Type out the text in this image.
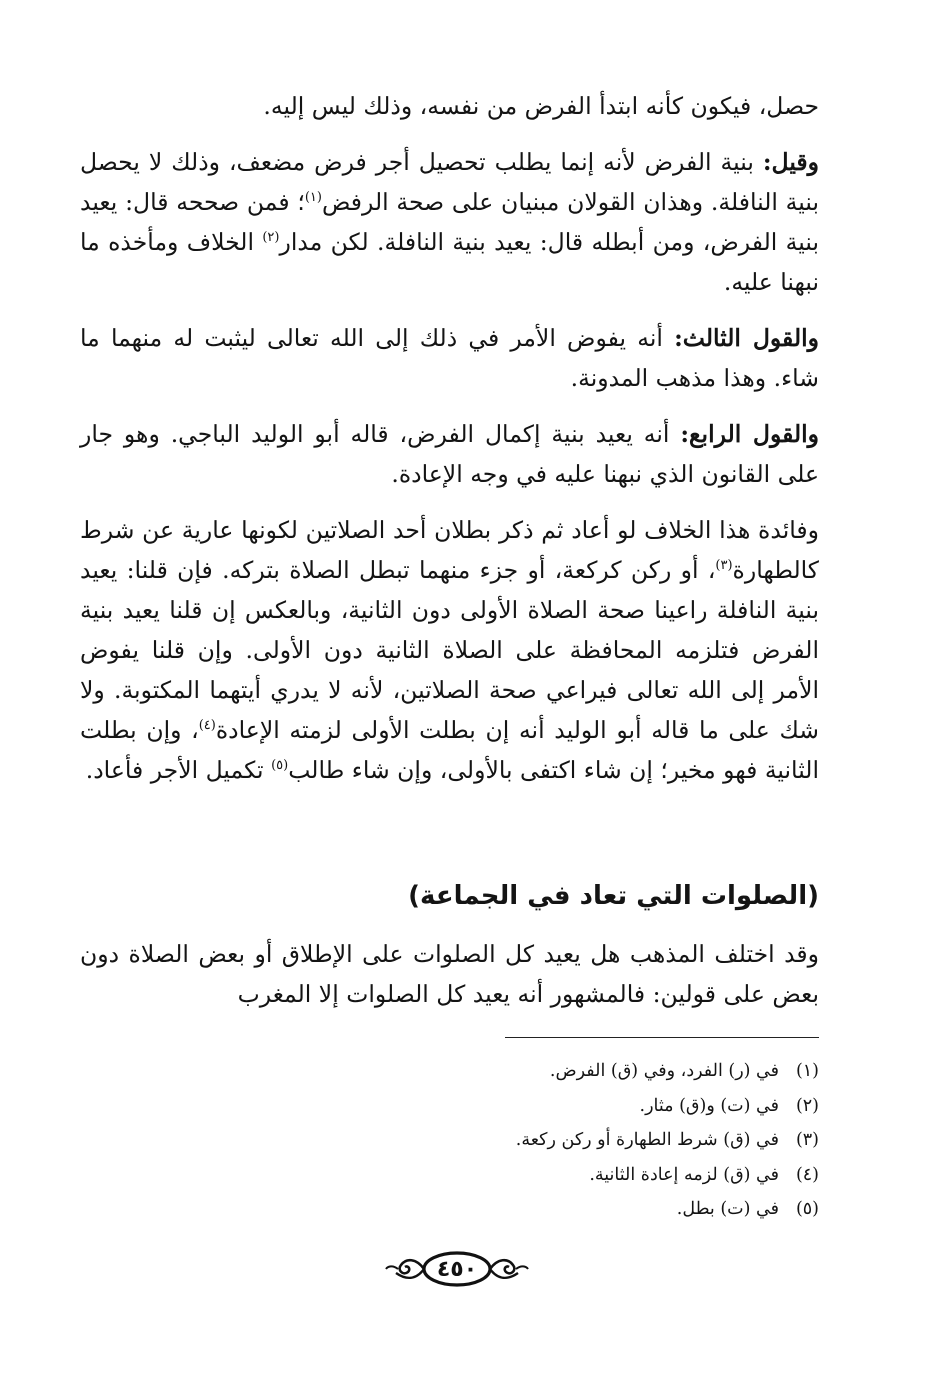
حصل، فيكون كأنه ابتدأ الفرض من نفسه، وذلك ليس إليه.

وقيل: بنية الفرض لأنه إنما يطلب تحصيل أجر فرض مضعف، وذلك لا يحصل بنية النافلة. وهذان القولان مبنيان على صحة الرفض$^{(١)}$؛ فمن صححه قال: يعيد بنية الفرض، ومن أبطله قال: يعيد بنية النافلة. لكن مدار$^{(٢)}$ الخلاف ومأخذه ما نبهنا عليه.

والقول الثالث: أنه يفوض الأمر في ذلك إلى الله تعالى ليثبت له منهما ما شاء. وهذا مذهب المدونة.

والقول الرابع: أنه يعيد بنية إكمال الفرض، قاله أبو الوليد الباجي. وهو جار على القانون الذي نبهنا عليه في وجه الإعادة.

وفائدة هذا الخلاف لو أعاد ثم ذكر بطلان أحد الصلاتين لكونها عارية عن شرط كالطهارة$^{(٣)}$، أو ركن كركعة، أو جزء منهما تبطل الصلاة بتركه. فإن قلنا: يعيد بنية النافلة راعينا صحة الصلاة الأولى دون الثانية، وبالعكس إن قلنا يعيد بنية الفرض فتلزمه المحافظة على الصلاة الثانية دون الأولى. وإن قلنا يفوض الأمر إلى الله تعالى فيراعي صحة الصلاتين، لأنه لا يدري أيتهما المكتوبة. ولا شك على ما قاله أبو الوليد أنه إن بطلت الأولى لزمته الإعادة$^{(٤)}$، وإن بطلت الثانية فهو مخير؛ إن شاء اكتفى بالأولى، وإن شاء طالب$^{(٥)}$ تكميل الأجر فأعاد.

(الصلوات التي تعاد في الجماعة)

وقد اختلف المذهب هل يعيد كل الصلوات على الإطلاق أو بعض الصلاة دون بعض على قولين: فالمشهور أنه يعيد كل الصلوات إلا المغرب

(١)في (ر) الفرد، وفي (ق) الفرض.
(٢)في (ت) و(ق) مثار.
(٣)في (ق) شرط الطهارة أو ركن ركعة.
(٤)في (ق) لزمه إعادة الثانية.
(٥)في (ت) بطل.
٤٥٠
